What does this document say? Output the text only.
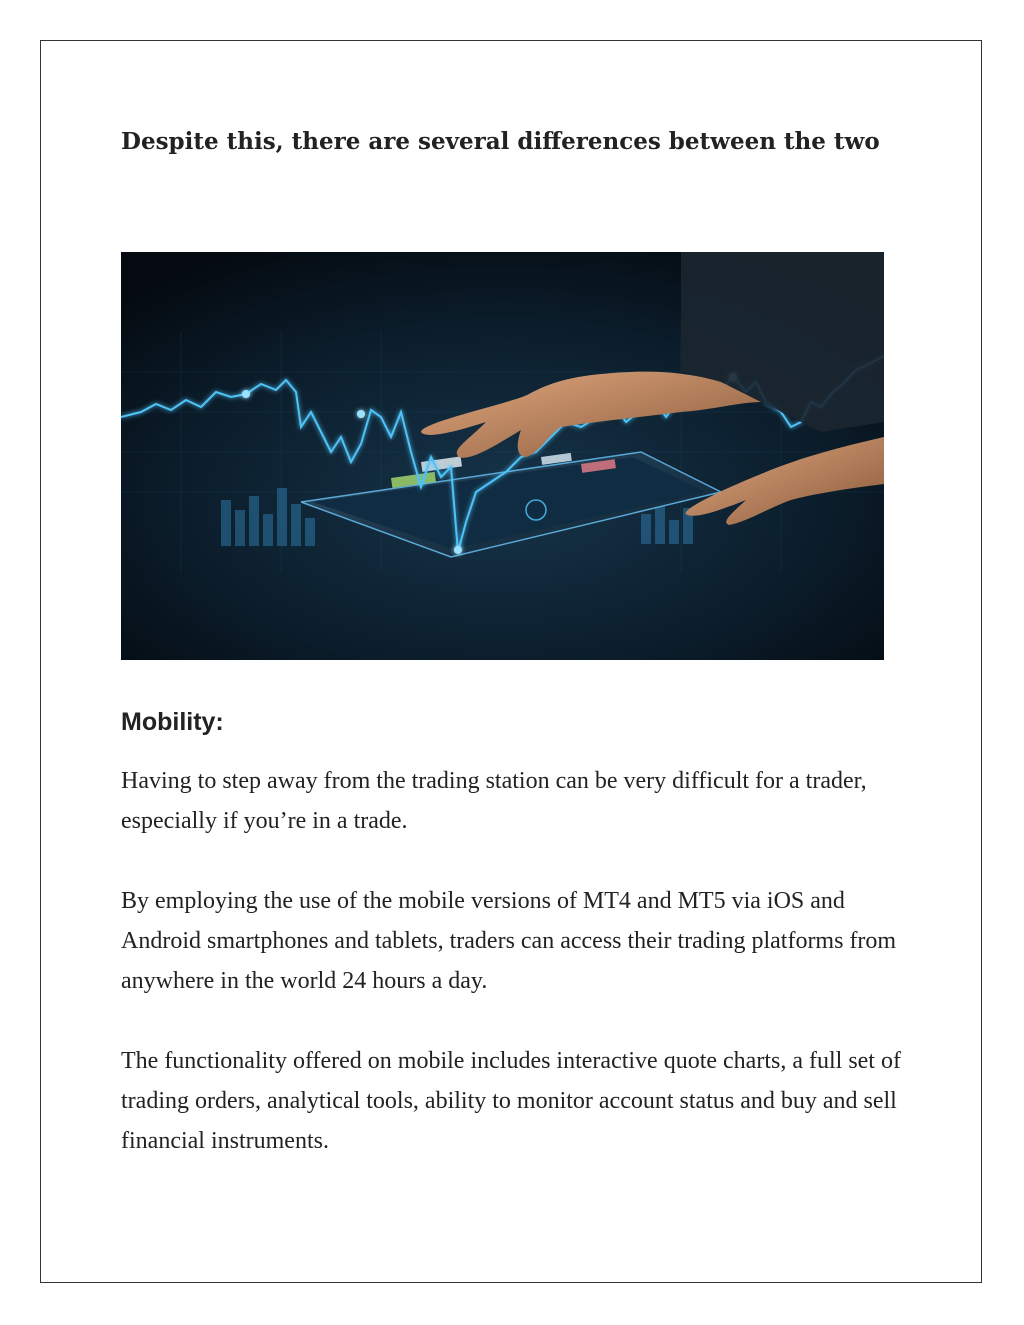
Despite this, there are several differences between the two
Mobility:

Having to step away from the trading station can be very difficult for a trader, especially if you’re in a trade.

By employing the use of the mobile versions of MT4 and MT5 via iOS and Android smartphones and tablets, traders can access their trading platforms from anywhere in the world 24 hours a day.

The functionality offered on mobile includes interactive quote charts, a full set of trading orders, analytical tools, ability to monitor account status and buy and sell financial instruments.
